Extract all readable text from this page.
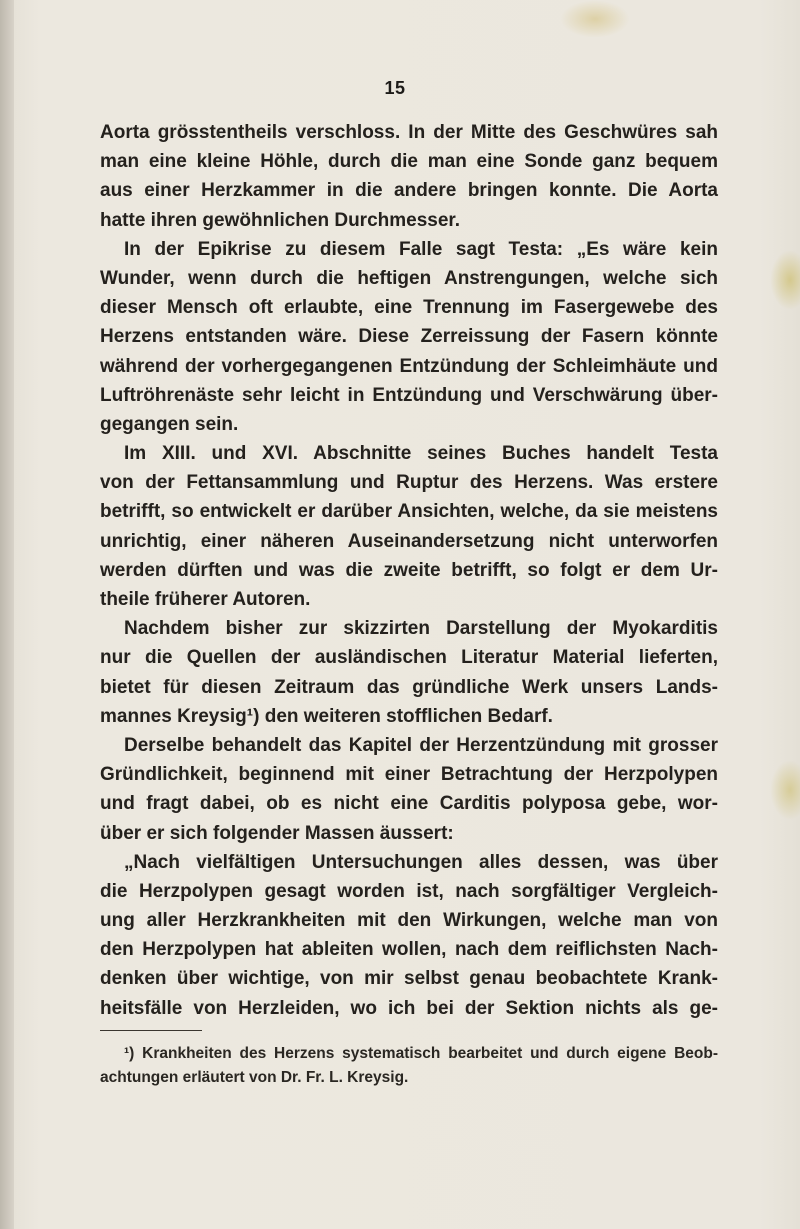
15
Aorta grösstentheils verschloss. In der Mitte des Geschwüres sah
man eine kleine Höhle, durch die man eine Sonde ganz bequem
aus einer Herzkammer in die andere bringen konnte. Die Aorta
hatte ihren gewöhnlichen Durchmesser.
In der Epikrise zu diesem Falle sagt Testa: „Es wäre kein
Wunder, wenn durch die heftigen Anstrengungen, welche sich
dieser Mensch oft erlaubte, eine Trennung im Fasergewebe des
Herzens entstanden wäre. Diese Zerreissung der Fasern könnte
während der vorhergegangenen Entzündung der Schleimhäute und
Luftröhrenäste sehr leicht in Entzündung und Verschwärung über-
gegangen sein.
Im XIII. und XVI. Abschnitte seines Buches handelt Testa
von der Fettansammlung und Ruptur des Herzens. Was erstere
betrifft, so entwickelt er darüber Ansichten, welche, da sie meistens
unrichtig, einer näheren Auseinandersetzung nicht unterworfen
werden dürften und was die zweite betrifft, so folgt er dem Ur-
theile früherer Autoren.
Nachdem bisher zur skizzirten Darstellung der Myokarditis
nur die Quellen der ausländischen Literatur Material lieferten,
bietet für diesen Zeitraum das gründliche Werk unsers Lands-
mannes Kreysig¹) den weiteren stofflichen Bedarf.
Derselbe behandelt das Kapitel der Herzentzündung mit grosser
Gründlichkeit, beginnend mit einer Betrachtung der Herzpolypen
und fragt dabei, ob es nicht eine Carditis polyposa gebe, wor-
über er sich folgender Massen äussert:
„Nach vielfältigen Untersuchungen alles dessen, was über
die Herzpolypen gesagt worden ist, nach sorgfältiger Vergleich-
ung aller Herzkrankheiten mit den Wirkungen, welche man von
den Herzpolypen hat ableiten wollen, nach dem reiflichsten Nach-
denken über wichtige, von mir selbst genau beobachtete Krank-
heitsfälle von Herzleiden, wo ich bei der Sektion nichts als ge-
¹) Krankheiten des Herzens systematisch bearbeitet und durch eigene Beob-
achtungen erläutert von Dr. Fr. L. Kreysig.
